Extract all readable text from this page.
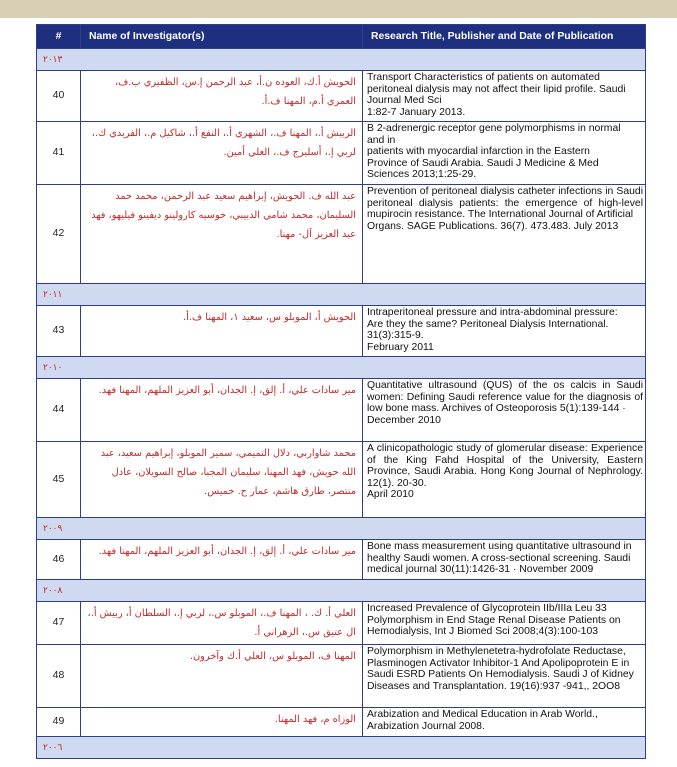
#	Name of Investigator(s)	Research Title, Publisher and Date of Publication
٢٠١٣		
40	الحويش أ.ك، العوده ن.أ، عبد الرحمن إ.س، الظفيري ب.ف، العمري أ.م، المهنا ف.أ.	Transport Characteristics of patients on automated
peritoneal dialysis may not affect their lipid profile. Saudi
Journal Med Sci
1:82-7 January 2013.

41	الربيش أ.، المهنا ف.، الشهري أ.، النفع أ.، شاكيل م.، الفريدي ك.، لربي إ.، أسليرج ف.، العلي أمين.	B 2-adrenergic receptor gene polymorphisms in normal
and in
patients with myocardial infarction in the Eastern
Province of Saudi Arabia. Saudi J Medicine & Med
Sciences 2013;1:25-29.

42	عبد الله ف. الحويش، إبراهيم سعيد عبد الرحمن، محمد حمد السليمان، محمد شامي الدبيبي، خوسيه كارولينو ديفينو فيليهو، فهد عبد العزيز آل- مهنا.	Prevention of peritoneal dialysis catheter infections in Saudi peritoneal dialysis patients: the emergence of high-level mupirocin resistance. The International Journal of Artificial
Organs. SAGE Publications. 36(7). 473.483. July 2013

٢٠١١		
43	الحويش أ، الموبلو س، سعيد ١، المهنا ف.أ.	Intraperitoneal pressure and intra-abdominal pressure:
Are they the same? Peritoneal Dialysis International.
31(3):315-9.
February 2011

٢٠١٠		
44	مير سادات علي، أ. إلق، إ. الجدان، أبو العزيز الملهم، المهنا فهد.	Quantitative ultrasound (QUS) of the os calcis in Saudi women: Defining Saudi reference value for the diagnosis of low bone mass. Archives of Osteoporosis 5(1):139-144 ·
December 2010

45	محمد شاواربي، دلال التميمي، سمير الموبلو، إبراهيم سعيد، عبد الله حويش، فهد المهنا، سليمان المجبا، صالح السويلان، عادل منتصر، طارق هاشم، عمار ح. خميس.	A clinicopathologic study of glomerular disease: Experience of the King Fahd Hospital of the University, Eastern Province, Saudi Arabia. Hong Kong Journal of Nephrology. 12(1). 20-30.
April 2010

٢٠٠٩		
46	مير سادات علي، أ. إلق، إ. الجدان، أبو العزيز الملهم، المهنا فهد.	Bone mass measurement using quantitative ultrasound in healthy Saudi women. A cross-sectional screening. Saudi medical journal 30(11):1426-31 · November 2009

٢٠٠٨		
47	العلي أ. ك. ، المهنا ف.، الموبلو س.، لربي إ.، السلطان أ، ربيش أ.، ال عتيق س.، الزهراني أ.	Increased Prevalence of Glycoprotein IIb/IIIa Leu 33
Polymorphism in End Stage Renal Disease Patients on
Hemodialysis, Int J Biomed Sci 2008;4(3):100-103

48	المهنا ف، الموبلو س، العلي أ.ك وآخرون.	Polymorphism in Methylenetetra-hydrofolate Reductase, Plasminogen Activator Inhibitor-1 And Apolipoprotein E in Saudi ESRD Patients On Hemodialysis. Saudi J of Kidney
Diseases and Transplantation. 19(16):937 -941,, 2OO8

49	الوزاه م، فهد المهنا.	Arabization and Medical Education in Arab World.,
Arabization Journal 2008.

٢٠٠٦		
